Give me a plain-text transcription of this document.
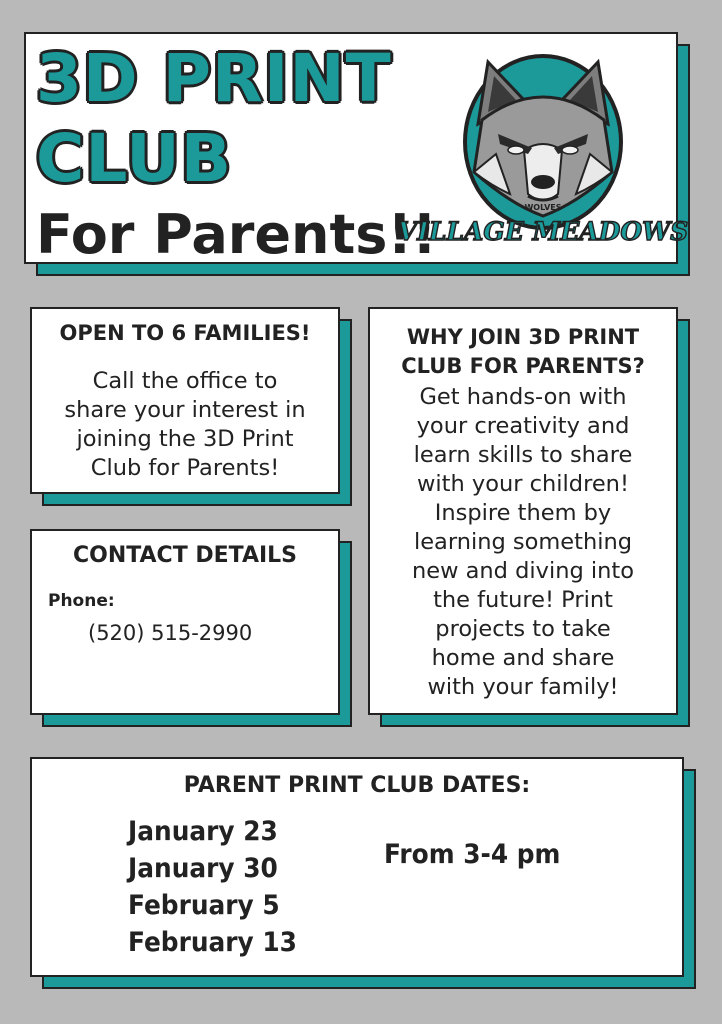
3D PRINT
CLUB
For Parents!!	WOLVES
VILLAGE MEADOWS
OPEN TO 6 FAMILIES!
Call the office to
share your interest in
joining the 3D Print
Club for Parents!
CONTACT DETAILS
Phone:
(520) 515-2990
WHY JOIN 3D PRINT
CLUB FOR PARENTS?
Get hands-on with
your creativity and
learn skills to share
with your children!
Inspire them by
learning something
new and diving into
the future! Print
projects to take
home and share
with your family!
PARENT PRINT CLUB DATES:
January 23
January 30
February 5
February 13
From 3-4 pm
